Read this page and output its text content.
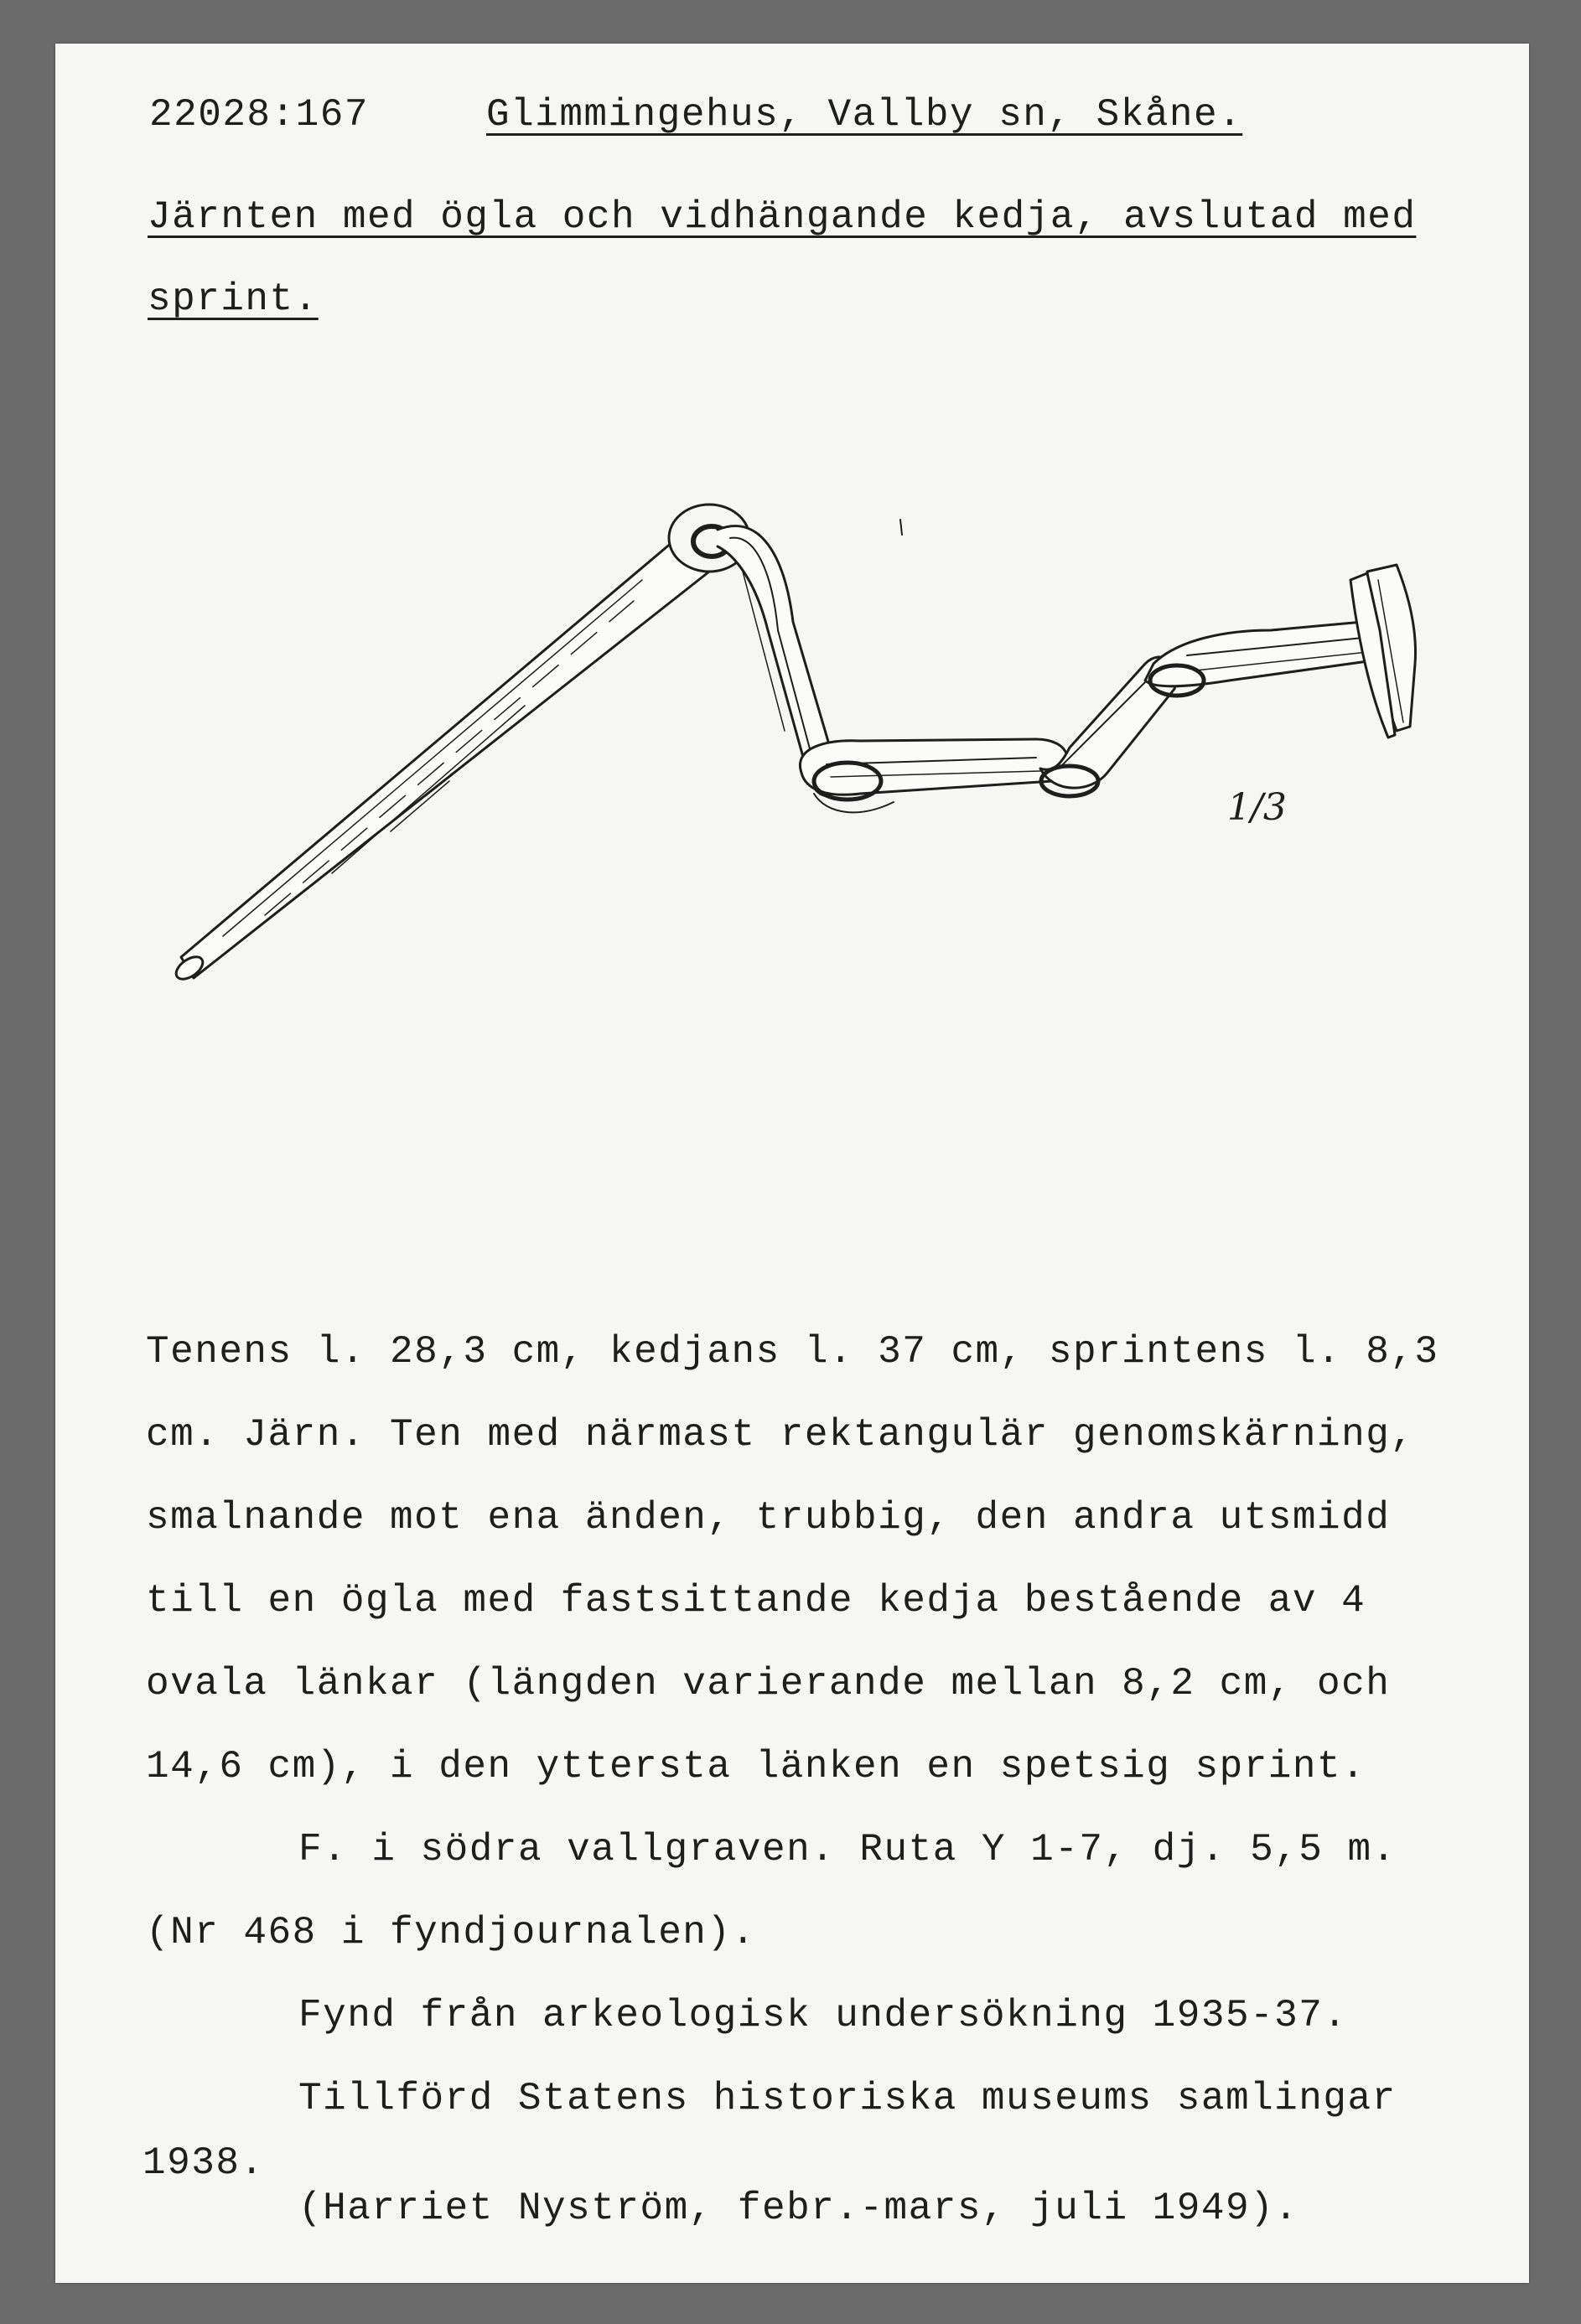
22028:167	Glimmingehus, Vallby sn, Skåne.
Järnten med ögla och vidhängande kedja, avslutad med
sprint.
1/3
Tenens l. 28,3 cm, kedjans l. 37 cm, sprintens l. 8,3
cm. Järn. Ten med närmast rektangulär genomskärning,
smalnande mot ena änden, trubbig, den andra utsmidd
till en ögla med fastsittande kedja bestående av 4
ovala länkar (längden varierande mellan 8,2 cm, och
14,6 cm), i den yttersta länken en spetsig sprint.
F. i södra vallgraven. Ruta Y 1-7, dj. 5,5 m.
(Nr 468 i fyndjournalen).
Fynd från arkeologisk undersökning 1935-37.
Tillförd Statens historiska museums samlingar
1938.
(Harriet Nyström, febr.-mars, juli 1949).
